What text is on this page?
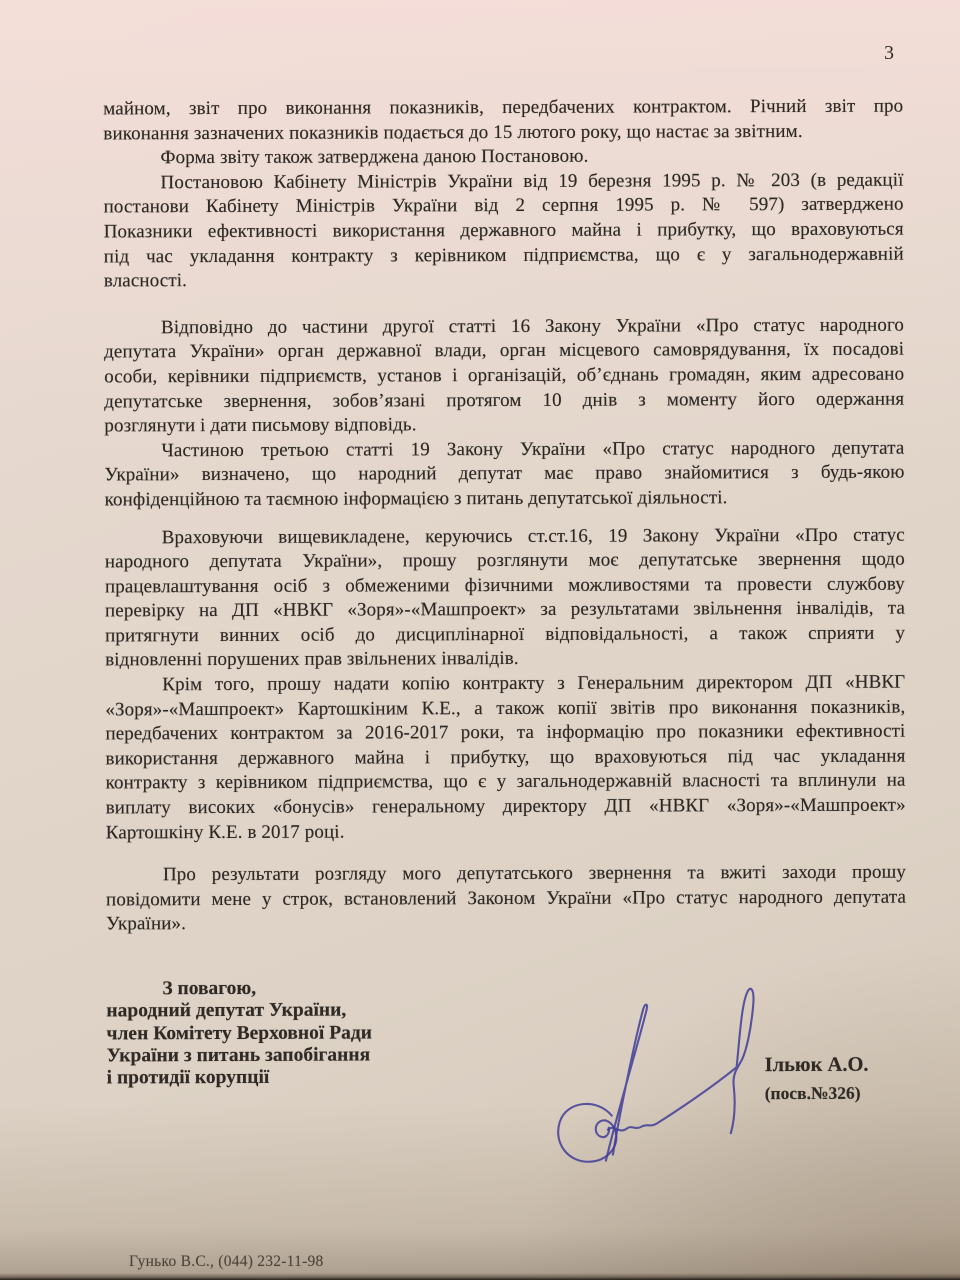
3
майном, звіт про виконання показників, передбачених контрактом. Річний звіт про
виконання зазначених показників подається до 15 лютого року, що настає за звітним.
Форма звіту також затверджена даною Постановою.
Постановою Кабінету Міністрів України від 19 березня 1995 р. № 203 (в редакції
постанови Кабінету Міністрів України від 2 серпня 1995 р. № 597) затверджено
Показники ефективності використання державного майна і прибутку, що враховуються
під час укладання контракту з керівником підприємства, що є у загальнодержавній
власності.
Відповідно до частини другої статті 16 Закону України «Про статус народного
депутата України» орган державної влади, орган місцевого самоврядування, їх посадові
особи, керівники підприємств, установ і організацій, об’єднань громадян, яким адресовано
депутатське звернення, зобов’язані протягом 10 днів з моменту його одержання
розглянути і дати письмову відповідь.
Частиною третьою статті 19 Закону України «Про статус народного депутата
України» визначено, що народний депутат має право знайомитися з будь-якою
конфіденційною та таємною інформацією з питань депутатської діяльності.
Враховуючи вищевикладене, керуючись ст.ст.16, 19 Закону України «Про статус
народного депутата України», прошу розглянути моє депутатське звернення щодо
працевлаштування осіб з обмеженими фізичними можливостями та провести службову
перевірку на ДП «НВКГ «Зоря»-«Машпроект» за результатами звільнення інвалідів, та
притягнути винних осіб до дисциплінарної відповідальності, а також сприяти у
відновленні порушених прав звільнених інвалідів.
Крім того, прошу надати копію контракту з Генеральним директором ДП «НВКГ
«Зоря»-«Машпроект» Картошкіним К.Е., а також копії звітів про виконання показників,
передбачених контрактом за 2016-2017 роки, та інформацію про показники ефективності
використання державного майна і прибутку, що враховуються під час укладання
контракту з керівником підприємства, що є у загальнодержавній власності та вплинули на
виплату високих «бонусів» генеральному директору ДП «НВКГ «Зоря»-«Машпроект»
Картошкіну К.Е. в 2017 році.
Про результати розгляду мого депутатського звернення та вжиті заходи прошу
повідомити мене у строк, встановлений Законом України «Про статус народного депутата
України».
З повагою,
народний депутат України,
член Комітету Верховної Ради
України з питань запобігання
і протидії корупції
Ільюк А.О.
(посв.№326)
Гунько В.С., (044) 232-11-98
